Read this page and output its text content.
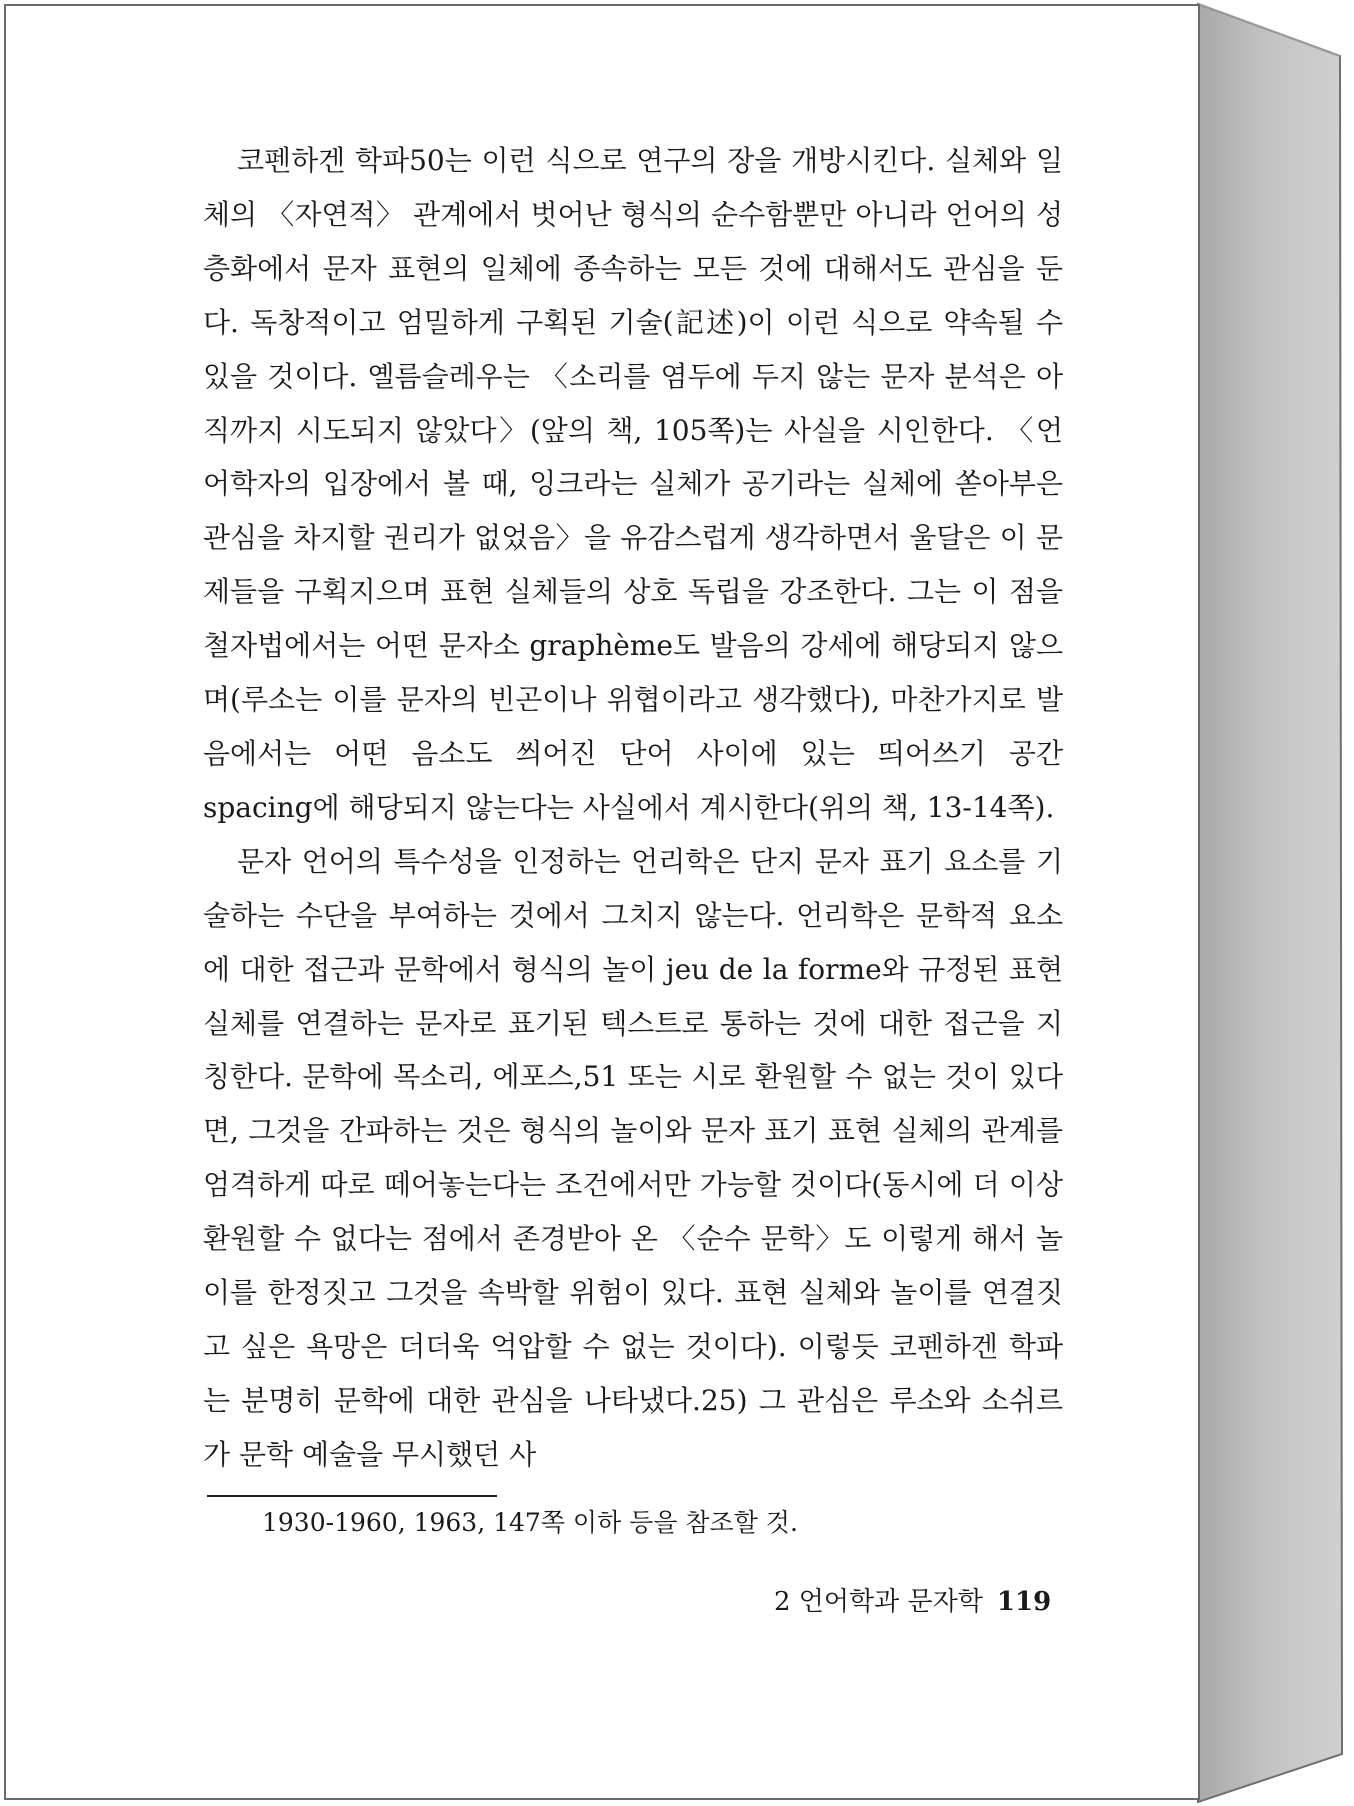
코펜하겐 학파50는 이런 식으로 연구의 장을 개방시킨다. 실체와 일체의 〈자연적〉 관계에서 벗어난 형식의 순수함뿐만 아니라 언어의 성층화에서 문자 표현의 일체에 종속하는 모든 것에 대해서도 관심을 둔다. 독창적이고 엄밀하게 구획된 기술(記述)이 이런 식으로 약속될 수 있을 것이다. 옐름슬레우는 〈소리를 염두에 두지 않는 문자 분석은 아직까지 시도되지 않았다〉(앞의 책, 105쪽)는 사실을 시인한다. 〈언어학자의 입장에서 볼 때, 잉크라는 실체가 공기라는 실체에 쏟아부은 관심을 차지할 권리가 없었음〉을 유감스럽게 생각하면서 울달은 이 문제들을 구획지으며 표현 실체들의 상호 독립을 강조한다. 그는 이 점을 철자법에서는 어떤 문자소 graphème도 발음의 강세에 해당되지 않으며(루소는 이를 문자의 빈곤이나 위협이라고 생각했다), 마찬가지로 발음에서는 어떤 음소도 씌어진 단어 사이에 있는 띄어쓰기 공간 spacing에 해당되지 않는다는 사실에서 계시한다(위의 책, 13-14쪽).

문자 언어의 특수성을 인정하는 언리학은 단지 문자 표기 요소를 기술하는 수단을 부여하는 것에서 그치지 않는다. 언리학은 문학적 요소에 대한 접근과 문학에서 형식의 놀이 jeu de la forme와 규정된 표현 실체를 연결하는 문자로 표기된 텍스트로 통하는 것에 대한 접근을 지칭한다. 문학에 목소리, 에포스,51 또는 시로 환원할 수 없는 것이 있다면, 그것을 간파하는 것은 형식의 놀이와 문자 표기 표현 실체의 관계를 엄격하게 따로 떼어놓는다는 조건에서만 가능할 것이다(동시에 더 이상 환원할 수 없다는 점에서 존경받아 온 〈순수 문학〉도 이렇게 해서 놀이를 한정짓고 그것을 속박할 위험이 있다. 표현 실체와 놀이를 연결짓고 싶은 욕망은 더더욱 억압할 수 없는 것이다). 이렇듯 코펜하겐 학파는 분명히 문학에 대한 관심을 나타냈다.25) 그 관심은 루소와 소쉬르가 문학 예술을 무시했던 사

1930-1960, 1963, 147쪽 이하 등을 참조할 것.
2 언어학과 문자학 119
